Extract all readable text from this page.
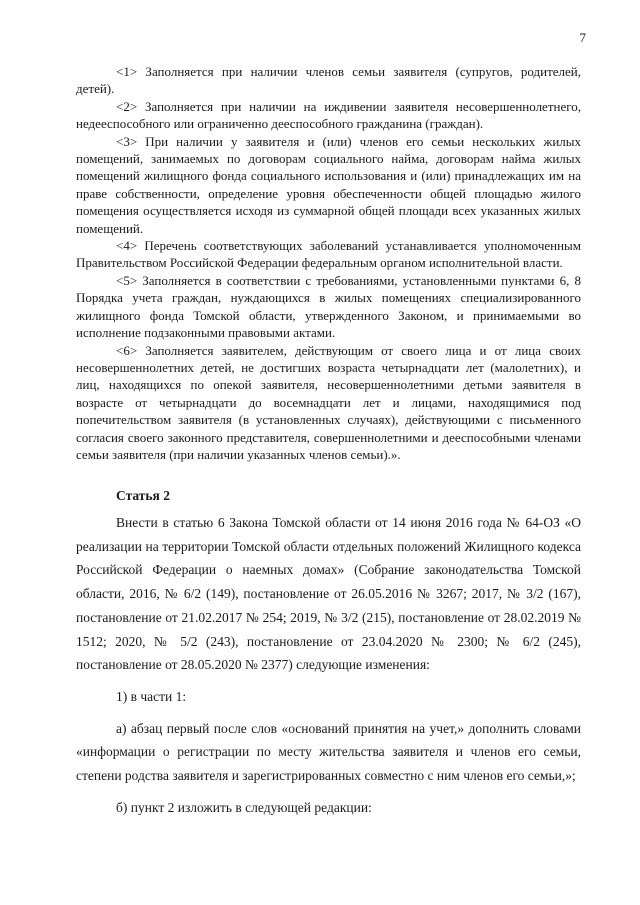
7

<1> Заполняется при наличии членов семьи заявителя (супругов, родителей, детей).

<2> Заполняется при наличии на иждивении заявителя несовершеннолетнего, недееспособного или ограниченно дееспособного гражданина (граждан).

<3> При наличии у заявителя и (или) членов его семьи нескольких жилых помещений, занимаемых по договорам социального найма, договорам найма жилых помещений жилищного фонда социального использования и (или) принадлежащих им на праве собственности, определение уровня обеспеченности общей площадью жилого помещения осуществляется исходя из суммарной общей площади всех указанных жилых помещений.

<4> Перечень соответствующих заболеваний устанавливается уполномоченным Правительством Российской Федерации федеральным органом исполнительной власти.

<5> Заполняется в соответствии с требованиями, установленными пунктами 6, 8 Порядка учета граждан, нуждающихся в жилых помещениях специализированного жилищного фонда Томской области, утвержденного Законом, и принимаемыми во исполнение подзаконными правовыми актами.

<6> Заполняется заявителем, действующим от своего лица и от лица своих несовершеннолетних детей, не достигших возраста четырнадцати лет (малолетних), и лиц, находящихся по опекой заявителя, несовершеннолетними детьми заявителя в возрасте от четырнадцати до восемнадцати лет и лицами, находящимися под попечительством заявителя (в установленных случаях), действующими с письменного согласия своего законного представителя, совершеннолетними и дееспособными членами семьи заявителя (при наличии указанных членов семьи).».

Статья 2

Внести в статью 6 Закона Томской области от 14 июня 2016 года № 64-ОЗ «О реализации на территории Томской области отдельных положений Жилищного кодекса Российской Федерации о наемных домах» (Собрание законодательства Томской области, 2016, № 6/2 (149), постановление от 26.05.2016 № 3267; 2017, № 3/2 (167), постановление от 21.02.2017 № 254; 2019, № 3/2 (215), постановление от 28.02.2019 № 1512; 2020, № 5/2 (243), постановление от 23.04.2020 № 2300; № 6/2 (245), постановление от 28.05.2020 № 2377) следующие изменения:

1) в части 1:

а) абзац первый после слов «оснований принятия на учет,» дополнить словами «информации о регистрации по месту жительства заявителя и членов его семьи, степени родства заявителя и зарегистрированных совместно с ним членов его семьи,»;

б) пункт 2 изложить в следующей редакции:
